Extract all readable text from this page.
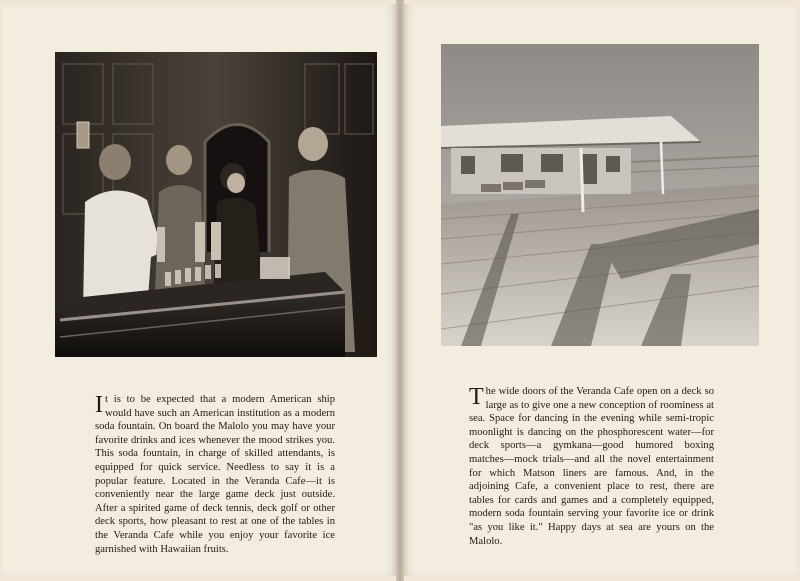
It is to be expected that a modern American ship would have such an American institution as a modern soda fountain. On board the Malolo you may have your favorite drinks and ices whenever the mood strikes you. This soda fountain, in charge of skilled attendants, is equipped for quick service. Needless to say it is a popular feature. Located in the Veranda Cafe—it is conveniently near the large game deck just outside. After a spirited game of deck tennis, deck golf or other deck sports, how pleasant to rest at one of the tables in the Veranda Cafe while you enjoy your favorite ice garnished with Hawaiian fruits.

The wide doors of the Veranda Cafe open on a deck so large as to give one a new conception of roominess at sea. Space for dancing in the evening while semi-tropic moonlight is dancing on the phosphorescent water—for deck sports—a gymkana—good humored boxing matches—mock trials—and all the novel entertainment for which Matson liners are famous. And, in the adjoining Cafe, a convenient place to rest, there are tables for cards and games and a completely equipped, modern soda fountain serving your favorite ice or drink "as you like it." Happy days at sea are yours on the Malolo.
